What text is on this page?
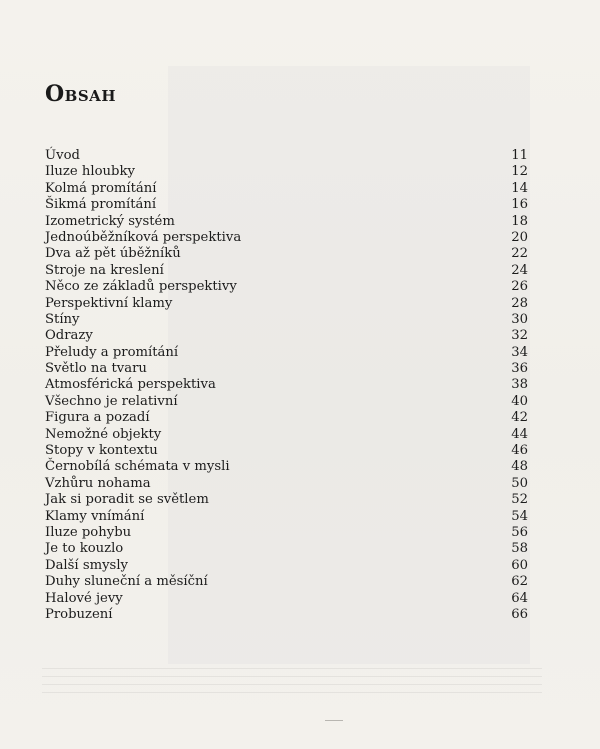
Obsah
Úvod	11
Iluze hloubky	12
Kolmá promítání	14
Šikmá promítání	16
Izometrický systém	18
Jednoúběžníková perspektiva	20
Dva až pět úběžníků	22
Stroje na kreslení	24
Něco ze základů perspektivy	26
Perspektivní klamy	28
Stíny	30
Odrazy	32
Přeludy a promítání	34
Světlo na tvaru	36
Atmosférická perspektiva	38
Všechno je relativní	40
Figura a pozadí	42
Nemožné objekty	44
Stopy v kontextu	46
Černobílá schémata v mysli	48
Vzhůru nohama	50
Jak si poradit se světlem	52
Klamy vnímání	54
Iluze pohybu	56
Je to kouzlo	58
Další smysly	60
Duhy sluneční a měsíční	62
Halové jevy	64
Probuzení	66
